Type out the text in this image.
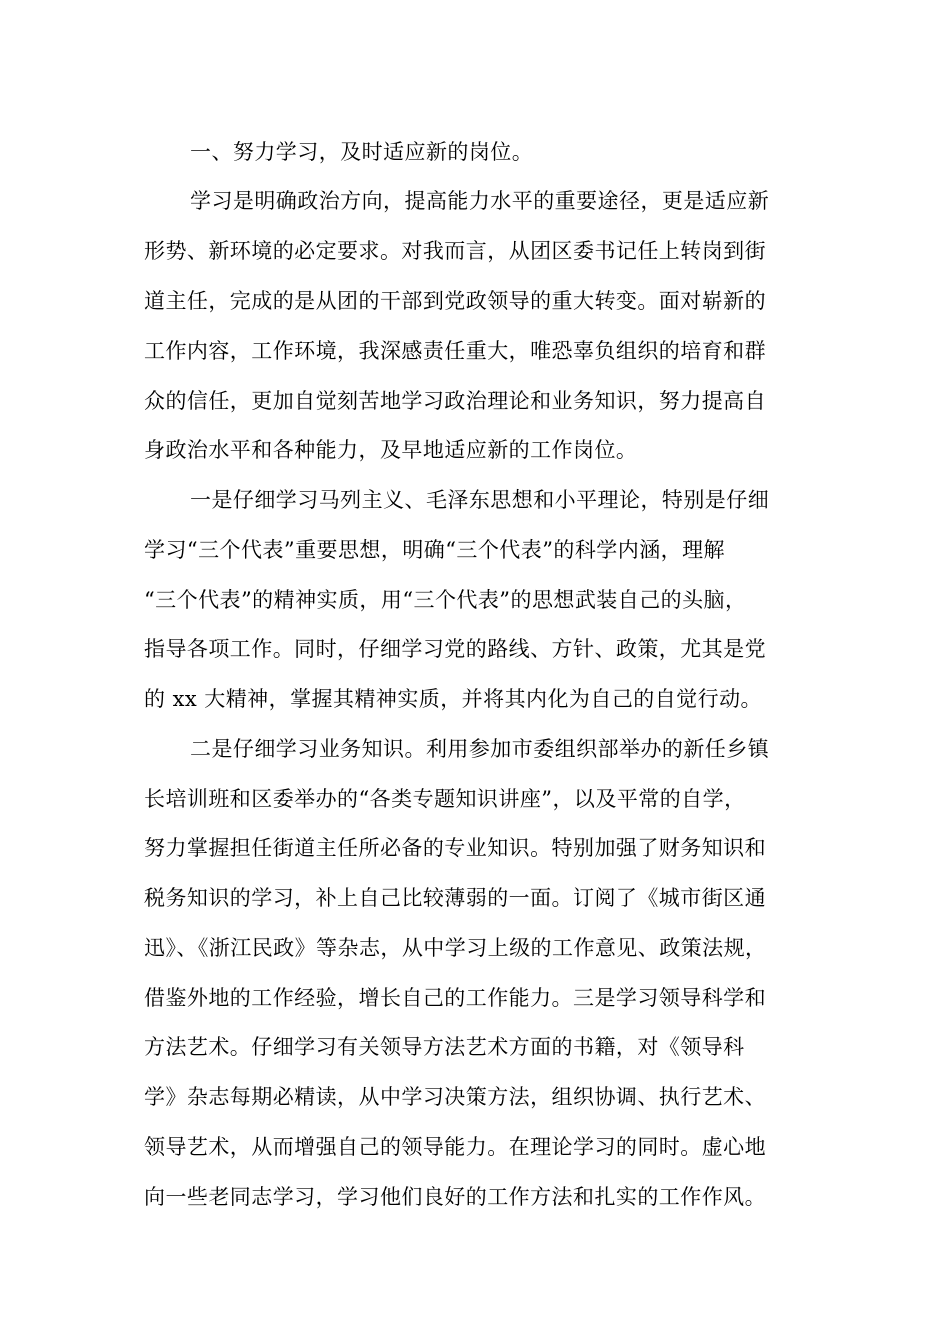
一、努力学习，及时适应新的岗位。

学习是明确政治方向，提高能力水平的重要途径，更是适应新

形势、新环境的必定要求。对我而言，从团区委书记任上转岗到街

道主任，完成的是从团的干部到党政领导的重大转变。面对崭新的

工作内容，工作环境，我深感责任重大，唯恐辜负组织的培育和群

众的信任，更加自觉刻苦地学习政治理论和业务知识，努力提高自

身政治水平和各种能力，及早地适应新的工作岗位。

一是仔细学习马列主义、毛泽东思想和小平理论，特别是仔细

学习“三个代表”重要思想，明确“三个代表”的科学内涵，理解

“三个代表”的精神实质，用“三个代表”的思想武装自己的头脑，

指导各项工作。同时，仔细学习党的路线、方针、政策，尤其是党

的 xx 大精神，掌握其精神实质，并将其内化为自己的自觉行动。

二是仔细学习业务知识。利用参加市委组织部举办的新任乡镇

长培训班和区委举办的“各类专题知识讲座”，以及平常的自学，

努力掌握担任街道主任所必备的专业知识。特别加强了财务知识和

税务知识的学习，补上自己比较薄弱的一面。订阅了《城市街区通

迅》、《浙江民政》等杂志，从中学习上级的工作意见、政策法规，

借鉴外地的工作经验，增长自己的工作能力。三是学习领导科学和

方法艺术。仔细学习有关领导方法艺术方面的书籍，对《领导科

学》杂志每期必精读，从中学习决策方法，组织协调、执行艺术、

领导艺术，从而增强自己的领导能力。在理论学习的同时。虚心地

向一些老同志学习，学习他们良好的工作方法和扎实的工作作风。
